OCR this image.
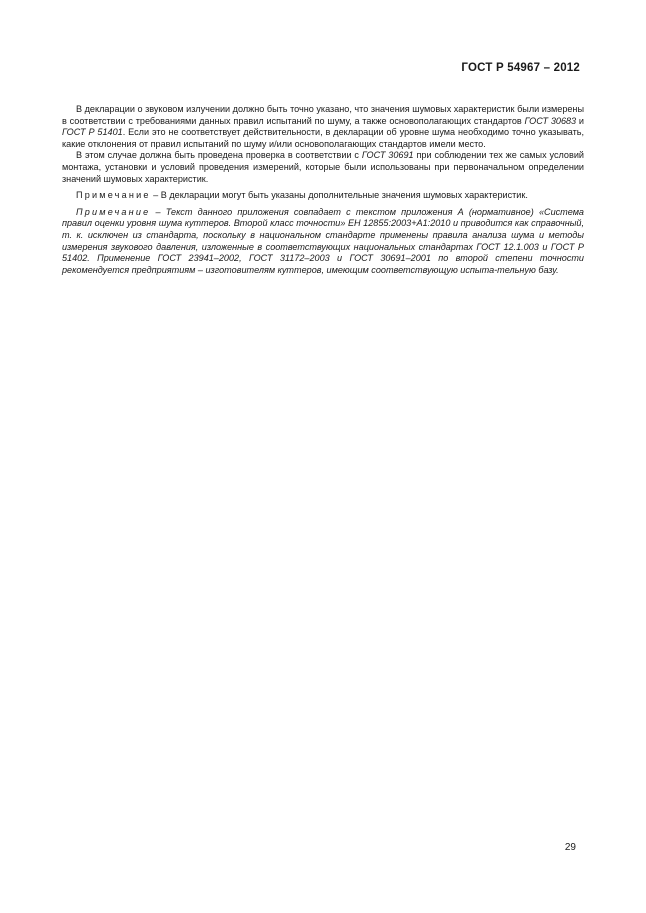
ГОСТ Р 54967 – 2012

В декларации о звуковом излучении должно быть точно указано, что значения шумовых характеристик были измерены в соответствии с требованиями данных правил испытаний по шуму, а также основополагающих стандартов ГОСТ 30683 и ГОСТ Р 51401. Если это не соответствует действительности, в декларации об уровне шума необходимо точно указывать, какие отклонения от правил испытаний по шуму и/или основополагающих стандартов имели место.

В этом случае должна быть проведена проверка в соответствии с ГОСТ 30691 при соблюдении тех же самых условий монтажа, установки и условий проведения измерений, которые были использованы при первоначальном определении значений шумовых характеристик.

Примечание – В декларации могут быть указаны дополнительные значения шумовых характеристик.

Примечание – Текст данного приложения совпадает с текстом приложения А (нормативное) «Система правил оценки уровня шума куттеров. Второй класс точности» ЕН 12855:2003+А1:2010 и приводится как справочный, т. к. исключен из стандарта, поскольку в национальном стандарте применены правила анализа шума и методы измерения звукового давления, изложенные в соответствующих национальных стандартах ГОСТ 12.1.003 и ГОСТ Р 51402. Применение ГОСТ 23941–2002, ГОСТ 31172–2003 и ГОСТ 30691–2001 по второй степени точности рекомендуется предприятиям – изготовителям куттеров, имеющим соответствующую испыта-тельную базу.

29
